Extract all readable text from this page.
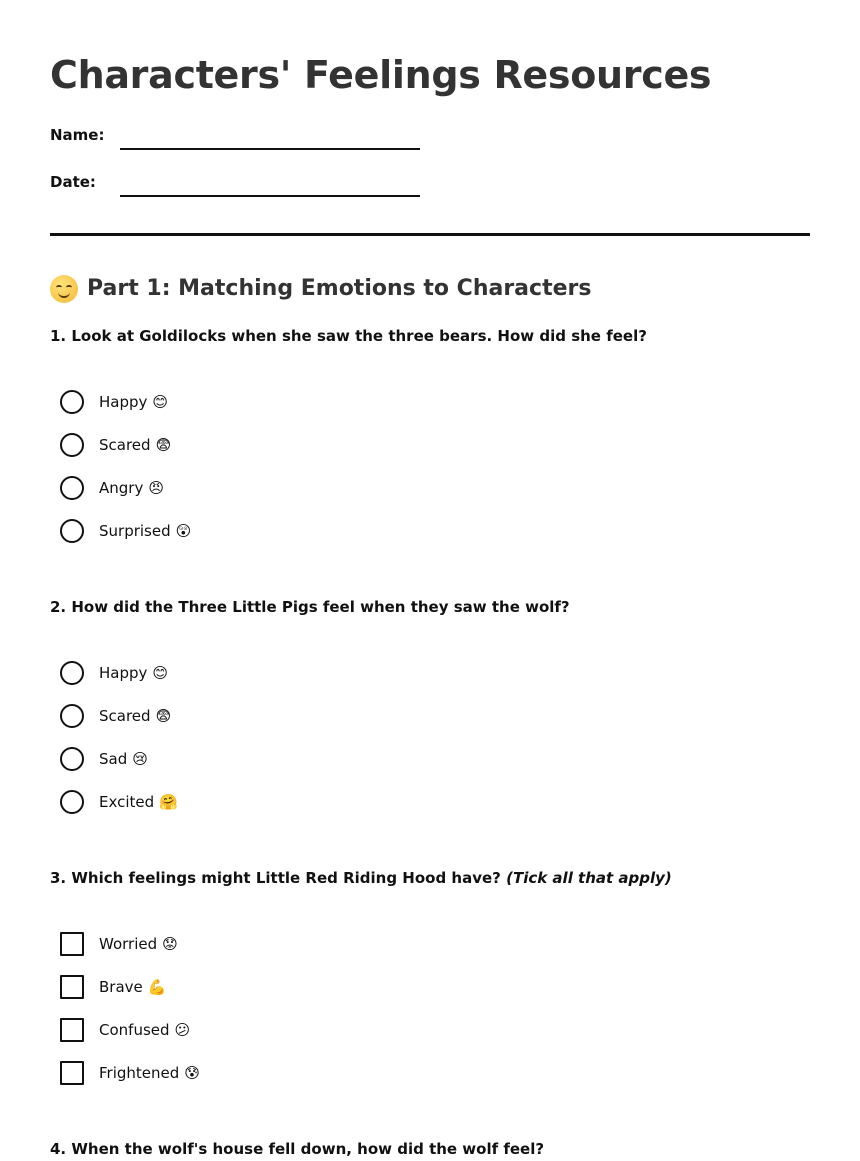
Characters' Feelings Resources
Name:
Date:
Part 1: Matching Emotions to Characters

1. Look at Goldilocks when she saw the three bears. How did she feel?

Happy 😊
Scared 😨
Angry 😠
Surprised 😲

2. How did the Three Little Pigs feel when they saw the wolf?

Happy 😊
Scared 😨
Sad 😢
Excited 🤗

3. Which feelings might Little Red Riding Hood have? (Tick all that apply)

Worried 😟
Brave 💪
Confused 😕
Frightened 😰

4. When the wolf's house fell down, how did the wolf feel?
